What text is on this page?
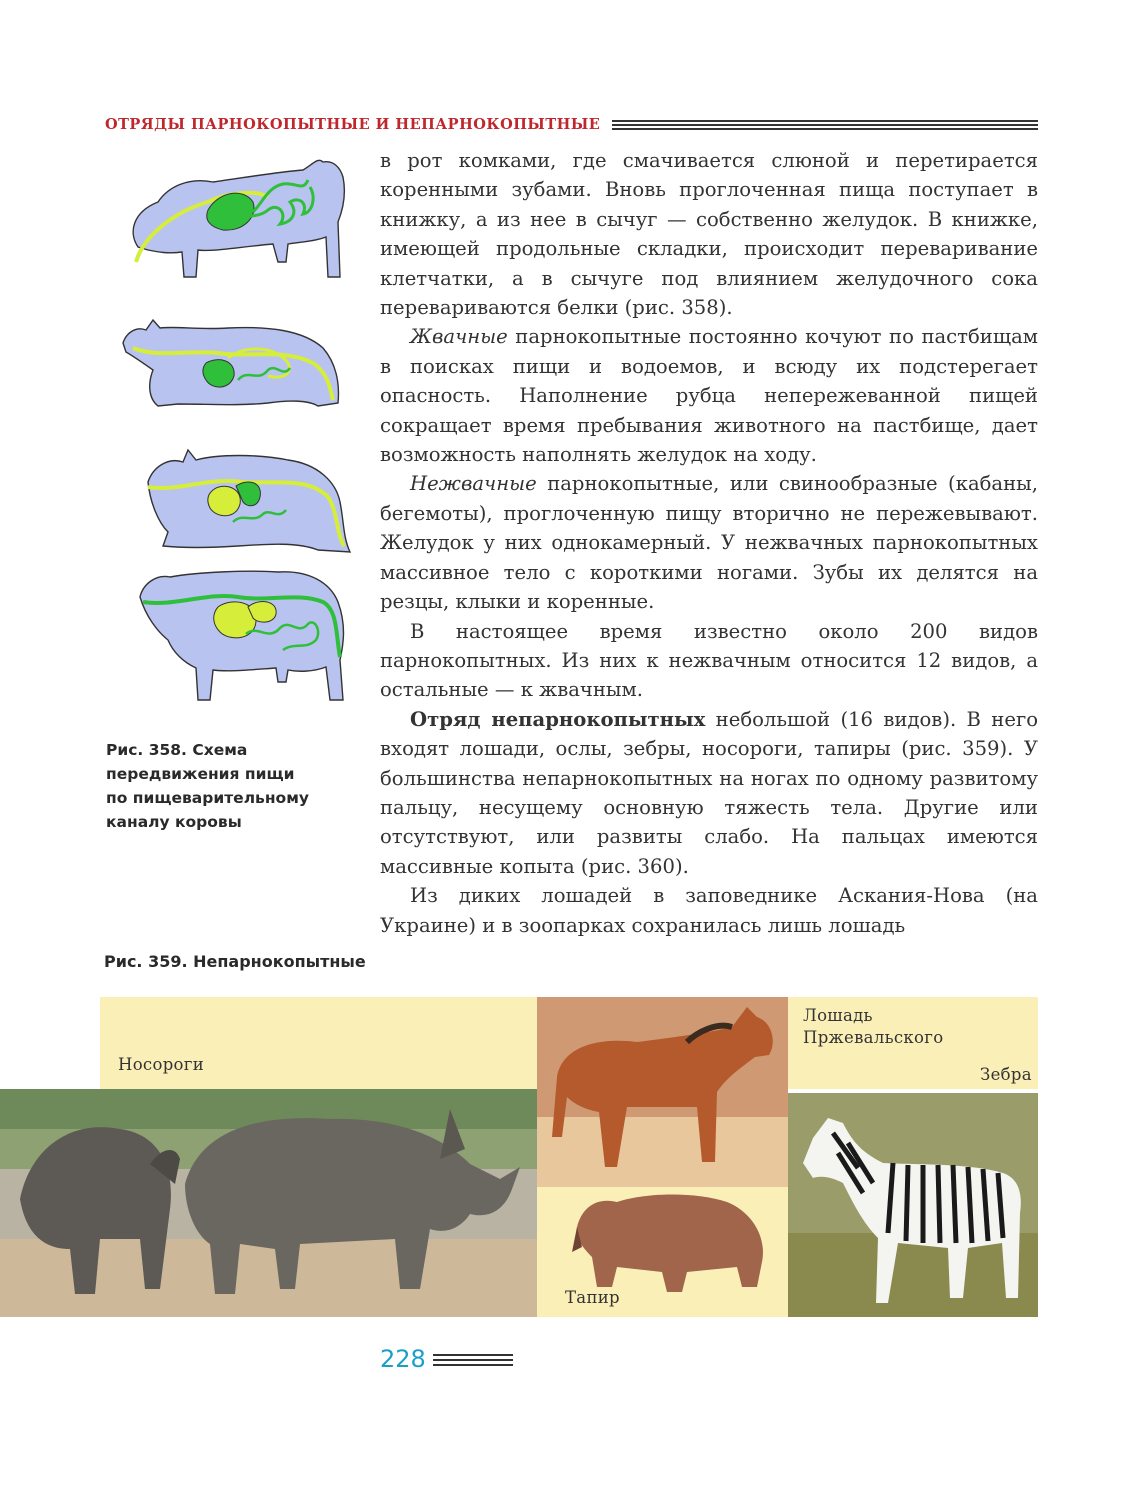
ОТРЯДЫ ПАРНОКОПЫТНЫЕ И НЕПАРНОКОПЫТНЫЕ
Рис. 358. Схема
передвижения пищи
по пищеварительному
каналу коровы

в рот комками, где смачивается слюной и перетирается коренными зубами. Вновь проглоченная пища поступает в книжку, а из нее в сычуг — собственно желудок. В книжке, имеющей продольные складки, происходит переваривание клетчатки, а в сычуге под влиянием желудочного сока перевариваются белки (рис. 358).

Жвачные парнокопытные постоянно кочуют по пастбищам в поисках пищи и водоемов, и всюду их подстерегает опасность. Наполнение рубца непережеванной пищей сокращает время пребывания животного на пастбище, дает возможность наполнять желудок на ходу.

Нежвачные парнокопытные, или свинообразные (кабаны, бегемоты), проглоченную пищу вторично не пережевывают. Желудок у них однокамерный. У нежвачных парнокопытных массивное тело с короткими ногами. Зубы их делятся на резцы, клыки и коренные.

В настоящее время известно около 200 видов парнокопытных. Из них к нежвачным относится 12 видов, а остальные — к жвачным.

Отряд непарнокопытных небольшой (16 видов). В него входят лошади, ослы, зебры, носороги, тапиры (рис. 359). У большинства непарнокопытных на ногах по одному развитому пальцу, несущему основную тяжесть тела. Другие или отсутствуют, или развиты слабо. На пальцах имеются массивные копыта (рис. 360).

Из диких лошадей в заповеднике Аскания-Нова (на Украине) и в зоопарках сохранилась лишь лошадь

Рис. 359. Непарнокопытные
Носороги
Лошадь
Пржевальского
Тапир
Зебра
228
